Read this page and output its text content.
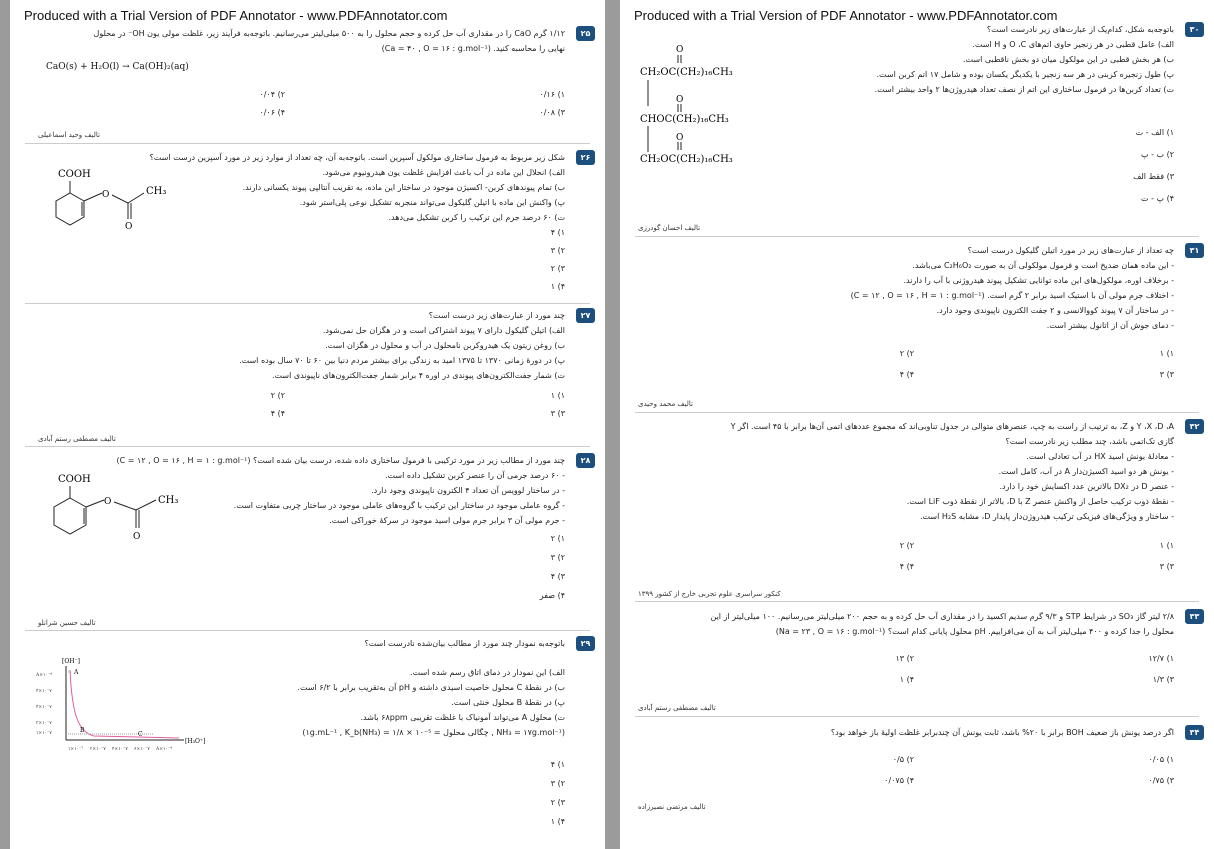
Produced with a Trial Version of PDF Annotator - www.PDFAnnotator.com
۲۵

۱/۱۲ گرم CaO را در مقداری آب حل کرده و حجم محلول را به ۵۰۰ میلی‌لیتر می‌رسانیم. باتوجه‌به فرآیند زیر، غلظت مولی یون OH⁻ در محلول

نهایی را محاسبه کنید. (Ca = ۴۰ , O = ۱۶ : g.mol⁻¹)

CaO(s) + H₂O(l) → Ca(OH)₂(aq)
۱) ۰/۱۶
۲) ۰/۰۴
۳) ۰/۰۸
۴) ۰/۰۶
تالیف وحید اسماعیلی
۲۶

شکل زیر مربوط به فرمول ساختاری مولکول آسپرین است. باتوجه‌به آن، چه تعداد از موارد زیر در مورد آسپرین درست است؟

الف) انحلال این ماده در آب باعث افزایش غلظت یون هیدرونیوم می‌شود.

ب) تمام پیوندهای کربن- اکسیژن موجود در ساختار این ماده، به تقریب آنتالپی پیوند یکسانی دارند.

پ) واکنش این ماده با اتیلن گلیکول می‌تواند منجربه تشکیل نوعی پلی‌استر شود.

ت) ۶۰ درصد جرم این ترکیب را کربن تشکیل می‌دهد.

COOH
O
O
CH₃
۱) ۴
۲) ۳
۳) ۲
۴) ۱
۲۷

چند مورد از عبارت‌های زیر درست است؟

الف) اتیلن گلیکول دارای ۷ پیوند اشتراکی است و در هگزان حل نمی‌شود.

ب) روغن زیتون یک هیدروکربن نامحلول در آب و محلول در هگزان است.

پ) در دورهٔ زمانی ۱۳۷۰ تا ۱۳۷۵ امید به زندگی برای بیشتر مردم دنیا بین ۶۰ تا ۷۰ سال بوده است.

ت) شمار جفت‌الکترون‌های پیوندی در اوره ۴ برابر شمار جفت‌الکترون‌های ناپیوندی است.

۱) ۱
۲) ۲
۳) ۳
۴) ۴
تالیف مصطفی رستم آبادی
۲۸

چند مورد از مطالب زیر در مورد ترکیبی با فرمول ساختاری داده شده، درست بیان شده است؟ (C = ۱۲ , O = ۱۶ , H = ۱ : g.mol⁻¹)

- ۶۰ درصد جرمی آن را عنصر کربن تشکیل داده است.

- در ساختار لوویس آن تعداد ۴ الکترون ناپیوندی وجود دارد.

- گروه عاملی موجود در ساختار این ترکیب با گروه‌های عاملی موجود در ساختار چربی متفاوت است.

- جرم مولی آن ۳ برابر جرم مولی اسید موجود در سرکهٔ خوراکی است.

COOH
O
O
CH₃
۱) ۲
۲) ۳
۳) ۴
۴) صفر
تالیف حسین شرانلو
۲۹

باتوجه‌به نمودار چند مورد از مطالب بیان‌شده نادرست است؟

الف) این نمودار در دمای اتاق رسم شده است.

ب) در نقطهٔ C محلول خاصیت اسیدی داشته و pH آن به‌تقریب برابر با ۶/۲ است.

پ) در نقطهٔ B محلول خنثی است.

ت) محلول A می‌تواند آمونیاک با غلظت تقریبی ۶۸ppm باشد.

(NH₃ = ۱۷g.mol⁻¹ , چگالی محلول = ۱g.mL⁻¹ , K_b(NH₃) = ۱/۸ × ۱۰⁻⁵)

[OH⁻]
[H₃O⁺]
A×۱۰⁻⁴
۴×۱۰⁻۷
۴×۱۰⁻۷
۲×۱۰⁻۷
۱×۱۰⁻۷
۱×۱۰⁻⁷ ۲×۱۰⁻۷ ۴×۱۰⁻۷ ۶×۱۰⁻۷ A×۱۰⁻⁴
A
B
C
۱) ۴
۲) ۳
۳) ۲
۴) ۱
Produced with a Trial Version of PDF Annotator - www.PDFAnnotator.com
۳۰

باتوجه‌به شکل، کدام‌یک از عبارت‌های زیر نادرست است؟

الف) عامل قطبی در هر زنجیر حاوی اتم‌های O ،C و H است.

ب) هر بخش قطبی در این مولکول میان دو بخش ناقطبی است.

پ) طول زنجیره کربنی در هر سه زنجیر با یکدیگر یکسان بوده و شامل ۱۷ اتم کربن است.

ت) تعداد کربن‌ها در فرمول ساختاری این اتم از نصف تعداد هیدروژن‌ها ۲ واحد بیشتر است.

O
CH₂OC(CH₂)₁₆CH₃
O
CHOC(CH₂)₁₆CH₃
O
CH₂OC(CH₂)₁₆CH₃
۱) الف - ت
۲) ب - پ
۳) فقط الف
۴) پ - ت
تالیف احسان گودرزی
۳۱

چه تعداد از عبارت‌های زیر در مورد اتیلن گلیکول درست است؟

- این ماده همان ضدیخ است و فرمول مولکولی آن به صورت C₂H₆O₂ می‌باشد.

- برخلاف اوره، مولکول‌های این ماده توانایی تشکیل پیوند هیدروژنی با آب را دارند.

- اختلاف جرم مولی آن با استیک اسید برابر ۲ گرم است. (C = ۱۲ , O = ۱۶ , H = ۱ : g.mol⁻¹)

- در ساختار آن ۷ پیوند کووالانسی و ۲ جفت الکترون ناپیوندی وجود دارد.

- دمای جوش آن از اتانول بیشتر است.

۱) ۱
۲) ۲
۳) ۳
۴) ۴
تالیف محمد وحیدی
۳۲

Y ،X ،D ،A و Z، به ترتیب از راست به چپ، عنصرهای متوالی در جدول تناوبی‌اند که مجموع عددهای اتمی آن‌ها برابر با ۴۵ است. اگر Y

گازی تک‌اتمی باشد، چند مطلب زیر نادرست است؟

- معادلهٔ یونش اسید HX در آب تعادلی است.

- یونش هر دو اسید اکسیژن‌دار A در آب، کامل است.

- عنصر D در DX₂ بالاترین عدد اکسایش خود را دارد.

- نقطهٔ ذوب ترکیب حاصل از واکنش عنصر Z با D، بالاتر از نقطهٔ ذوب LiF است.

- ساختار و ویژگی‌های فیزیکی ترکیب هیدروژن‌دار پایدار D، مشابه H₂S است.

۱) ۱
۲) ۲
۳) ۳
۴) ۴
کنکور سراسری علوم تجربی خارج از کشور ۱۳۹۹
۳۳

۲/۸ لیتر گاز SO₃ در شرایط STP و ۹/۳ گرم سدیم اکسید را در مقداری آب حل کرده و به حجم ۲۰۰ میلی‌لیتر می‌رسانیم. ۱۰۰ میلی‌لیتر از این

محلول را جدا کرده و ۴۰۰ میلی‌لیتر آب به آن می‌افزاییم. pH محلول پایانی کدام است؟ (Na = ۲۳ , O = ۱۶ : g.mol⁻¹)

۱) ۱۲/۷
۲) ۱۳
۳) ۱/۳
۴) ۱
تالیف مصطفی رستم آبادی
۳۴

اگر درصد یونش باز ضعیف BOH برابر با ۲۰% باشد، ثابت یونش آن چندبرابر غلظت اولیهٔ باز خواهد بود؟

۱) ۰/۰۵
۲) ۰/۵
۳) ۰/۷۵
۴) ۰/۰۷۵
تالیف مرتضی نصیرزاده
